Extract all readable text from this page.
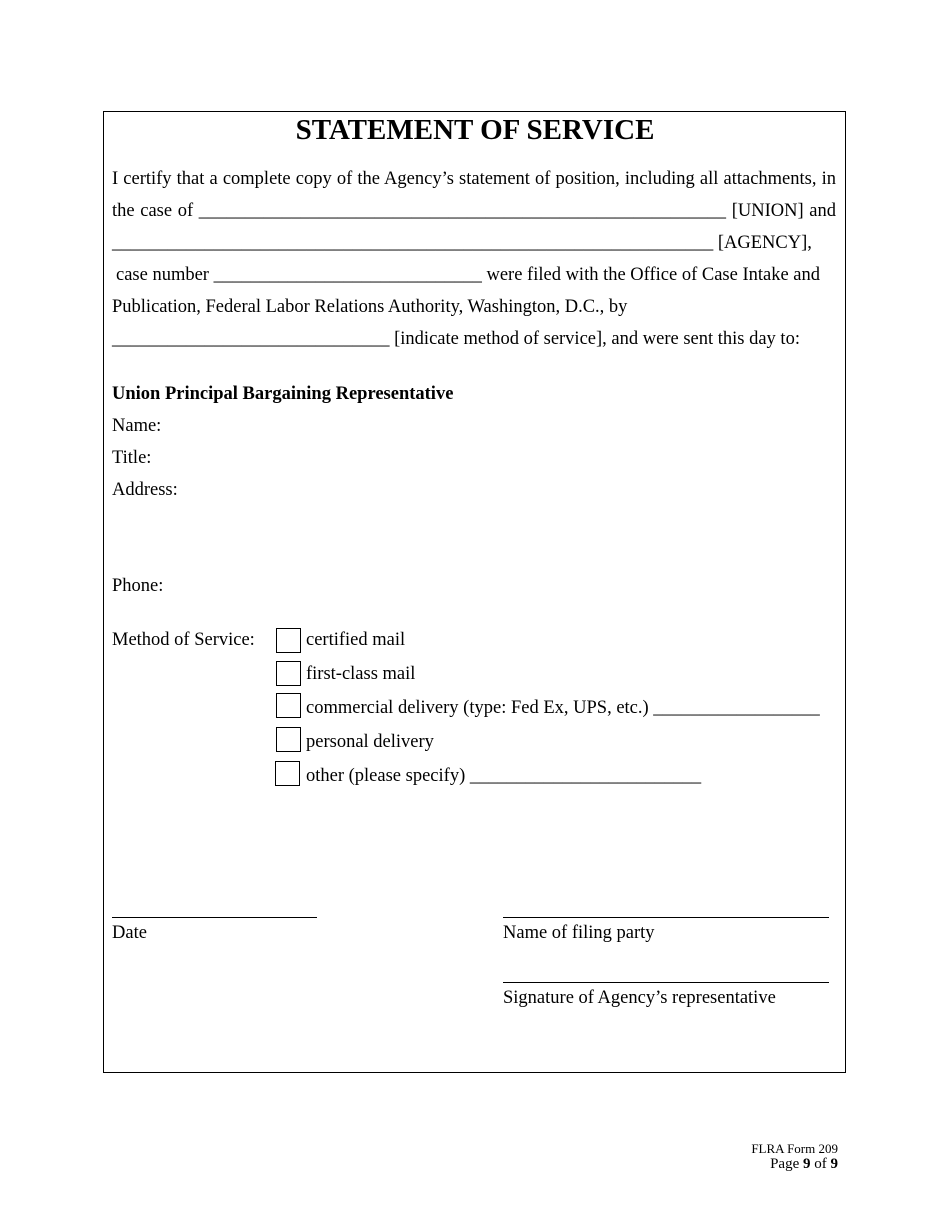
STATEMENT OF SERVICE
I certify that a complete copy of the Agency’s statement of position, including all attachments, in
the case of _________________________________________________________ [UNION] and
_________________________________________________________________ [AGENCY],
case number _____________________________ were filed with the Office of Case Intake and
Publication, Federal Labor Relations Authority, Washington, D.C., by
______________________________ [indicate method of service], and were sent this day to:
Union Principal Bargaining Representative
Name:
Title:
Address:
Phone:
Method of Service:	certified mail
first-class mail
commercial delivery (type: Fed Ex, UPS, etc.) __________________
personal delivery
other (please specify) _________________________
Date	Name of filing party
Signature of Agency’s representative
FLRA Form 209
Page 9 of 9
